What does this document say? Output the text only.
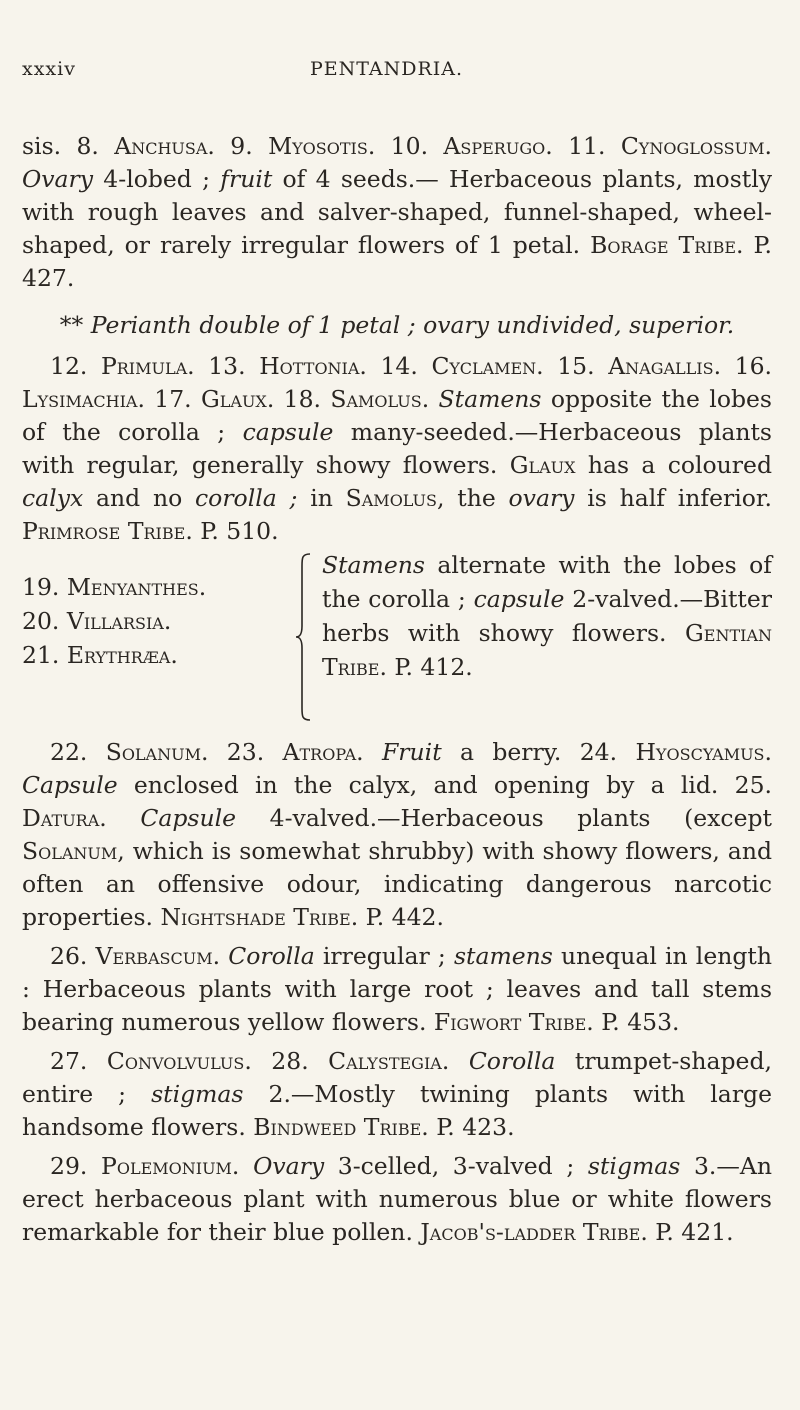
xxxiv	PENTANDRIA.

sis. 8. Anchusa. 9. Myosotis. 10. Asperugo. 11. Cynoglossum. Ovary 4-lobed ; fruit of 4 seeds.— Herbaceous plants, mostly with rough leaves and salver-shaped, funnel-shaped, wheel-shaped, or rarely irregular flowers of 1 petal. Borage Tribe. P. 427.

** Perianth double of 1 petal ; ovary undivided, superior.

12. Primula. 13. Hottonia. 14. Cyclamen. 15. Anagallis. 16. Lysimachia. 17. Glaux. 18. Samolus. Stamens opposite the lobes of the corolla ; capsule many-seeded.—Herbaceous plants with regular, generally showy flowers. Glaux has a coloured calyx and no corolla ; in Samolus, the ovary is half inferior. Primrose Tribe. P. 510.

19. Menyanthes.
20. Villarsia.
21. Erythræa.
Stamens alternate with the lobes of the corolla ; capsule 2-valved.—Bitter herbs with showy flowers. Gentian Tribe. P. 412.

22. Solanum. 23. Atropa. Fruit a berry. 24. Hyoscyamus. Capsule enclosed in the calyx, and opening by a lid. 25. Datura. Capsule 4-valved.—Herbaceous plants (except Solanum, which is somewhat shrubby) with showy flowers, and often an offensive odour, indicating dangerous narcotic properties. Nightshade Tribe. P. 442.

26. Verbascum. Corolla irregular ; stamens unequal in length : Herbaceous plants with large root ; leaves and tall stems bearing numerous yellow flowers. Figwort Tribe. P. 453.

27. Convolvulus. 28. Calystegia. Corolla trumpet-shaped, entire ; stigmas 2.—Mostly twining plants with large handsome flowers. Bindweed Tribe. P. 423.

29. Polemonium. Ovary 3-celled, 3-valved ; stigmas 3.—An erect herbaceous plant with numerous blue or white flowers remarkable for their blue pollen. Jacob's-ladder Tribe. P. 421.
